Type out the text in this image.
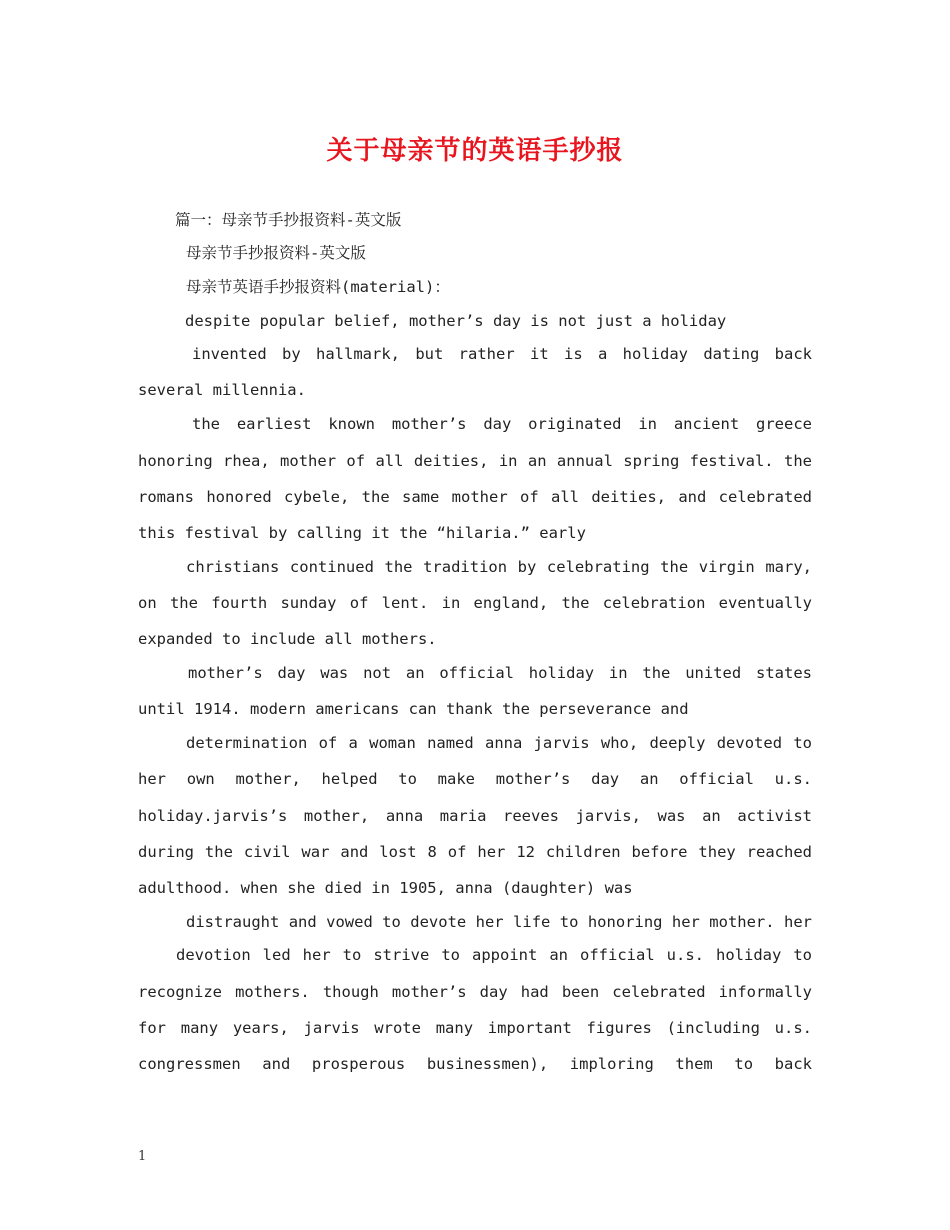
关于母亲节的英语手抄报
篇一：母亲节手抄报资料-英文版
母亲节手抄报资料-英文版
母亲节英语手抄报资料(material)：
despite popular belief, mother’s day is not just a holiday
invented by hallmark, but rather it is a holiday dating back
several millennia.
the earliest known mother’s day originated in ancient greece
honoring rhea, mother of all deities, in an annual spring festival. the
romans honored cybele, the same mother of all deities, and celebrated
this festival by calling it the “hilaria.” early
christians continued the tradition by celebrating the virgin mary,
on the fourth sunday of lent. in england, the celebration eventually
expanded to include all mothers.
mother’s day was not an official holiday in the united states
until 1914. modern americans can thank the perseverance and
determination of a woman named anna jarvis who, deeply devoted to
her own mother, helped to make mother’s day an official u.s.
holiday.jarvis’s mother, anna maria reeves jarvis, was an activist
during the civil war and lost 8 of her 12 children before they reached
adulthood. when she died in 1905, anna (daughter) was
distraught and vowed to devote her life to honoring her mother. her
devotion led her to strive to appoint an official u.s. holiday to
recognize mothers. though mother’s day had been celebrated informally
for many years, jarvis wrote many important figures (including u.s.
congressmen and prosperous businessmen), imploring them to back
1
